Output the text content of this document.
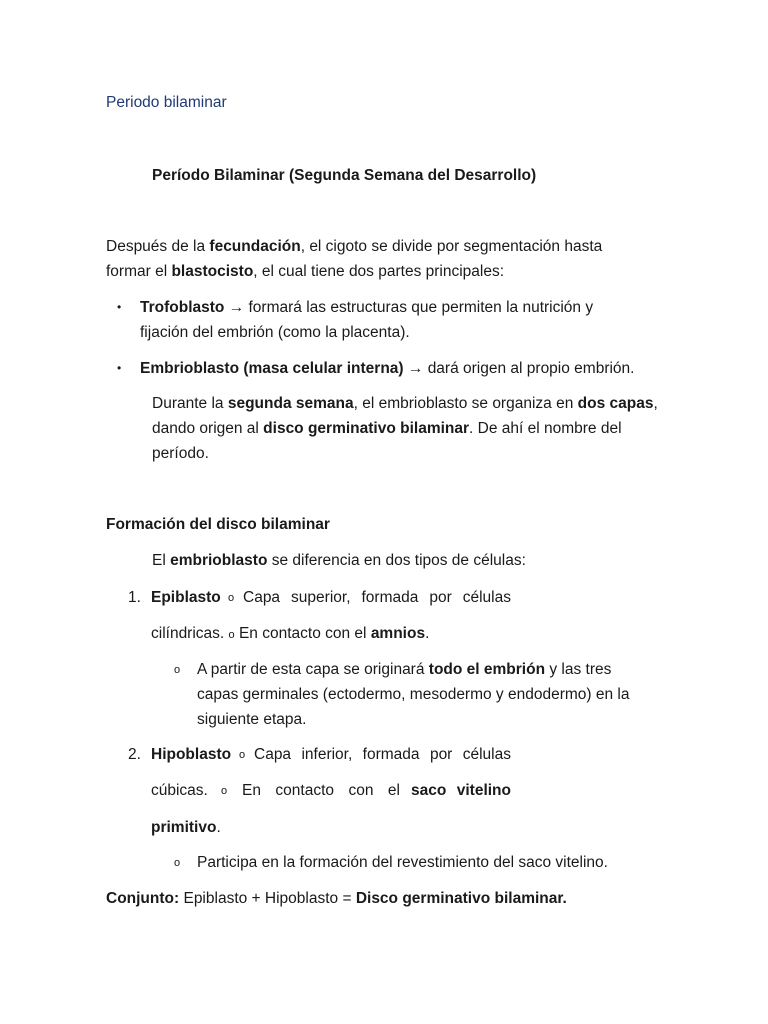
Periodo bilaminar
Período Bilaminar (Segunda Semana del Desarrollo)
Después de la fecundación, el cigoto se divide por segmentación hasta
formar el blastocisto, el cual tiene dos partes principales:
• Trofoblasto → formará las estructuras que permiten la nutrición y
fijación del embrión (como la placenta).
• Embrioblasto (masa celular interna) → dará origen al propio embrión.
Durante la segunda semana, el embrioblasto se organiza en dos capas,
dando origen al disco germinativo bilaminar. De ahí el nombre del
período.
Formación del disco bilaminar
El embrioblasto se diferencia en dos tipos de células:
1. Epiblasto o Capa superior, formada por células
cilíndricas. o En contacto con el amnios.
o A partir de esta capa se originará todo el embrión y las tres
capas germinales (ectodermo, mesodermo y endodermo) en la
siguiente etapa.
2. Hipoblasto o Capa inferior, formada por células
cúbicas. o En contacto con el saco vitelino
primitivo.
o Participa en la formación del revestimiento del saco vitelino.
Conjunto: Epiblasto + Hipoblasto = Disco germinativo bilaminar.
